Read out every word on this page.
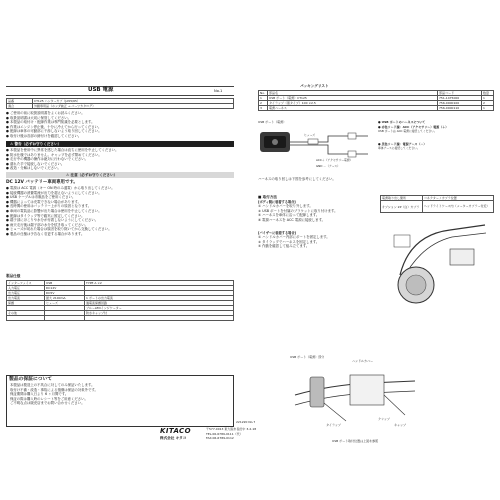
USB 電源	No.1
品番	CT125 ハンターカブ（JA55/65）
適合	外観専用品（ホンダ純正 → パーツカタログ）
● ご使用の前に取扱説明書をよくお読みください。
● 取扱説明書は大切に保管してください。
● 本製品の取付け・配線作業は専門知識を必要とします。
● 作業はエンジン停止後、十分に冷えてから行ってください。
● 配線は車体の可動部に干渉しないよう取り回してください。
● 取付け後は各部の締付けを確認してください。
⚠ 警告（必ずお守りください）
● 本製品を使用中に異常を感じた場合は直ちに使用を中止してください。
● 防水仕様ではありません。キャップを必ず閉めてください。
● 走行中の機器の操作は絶対に行わないでください。
● 濡れた手で接続しないでください。
● 改造・分解はしないでください。
⚠ 注意（必ずお守りください）
DC 12V バッテリー車両専用です。
● 電源は ACC 電源（キー ON 時のみ通電）から取り出してください。
● 接続機器の消費電流が出力を超えないようにしてください。
● USB ケーブルは市販品をご使用ください。
● 機器によっては充電できない場合があります。
● 長時間の使用はバッテリー上がりの原因となります。
● 車両の電装品に影響が出た場合は使用を中止してください。
● 配線はタイラップ等で確実に固定してください。
● 端子部にほこりや水分が付着しないようにしてください。
● 雨天走行後は端子部の水分を拭き取ってください。
● ヒューズが切れた場合は原因を取り除いてから交換してください。
● 製品の仕様は予告なく変更する場合があります。
製品仕様
インターフェイス	USB	TYPE A ×2
入力電圧	DC12V	
出力電圧	DC5V	
出力電流	最大 2100mA	1 ポートの出力電流
保護	ヒューズ	過電流保護回路
		ブルーLEDインジケーター
その他		防水キャップ付

製品の保証について
本製品は製造上の不具合に対してのみ保証いたします。
取付け不備・改造・事故による損傷は保証の対象外です。
保証期間は購入日より 6 ヶ月間です。
保証の際は購入時のレシート等をご用意ください。
ご不明な点は販売店までお問い合わせください。
パッキングリスト
No.	部品名	部品コード	数量
1	USB ポート（電源）CT125	751-1475000	1
2	タイラップ（黒タイプ）100 ×2.5	756-0000100	2
3	電源ハーネス	756-0000110	1
USB ポート（電源）
ヒューズ
ACC＋（アクセサリー電源）
GND －（アース）
● USB ポートのハーネスについて
● 赤色リード線：ACC（アクセサリー）電源（＋）
USB ポートは ACC 電源に接続してください。
● 黒色リード線：電源アース（－）
車体アースに接続してください。
ハーネスの取り回しは下図を参考にしてください。
■ 取付方法
[ボディ側に装着する場合]
① ハンドルカバーを取り外します。
② USB ポートを付属のブラケットに取り付けます。
③ ハーネスを車体に沿って配線します。
④ 電源ハーネスを ACC 電源に接続します。
[バイザーに装着する場合]
① ハンドルカバー内部にポートを固定します。
② タイラップでハーネスを固定します。
③ 作動を確認して組み立てます。
電源取り出し箇所	コネクター / カプラ位置
オプション 2P（白）カプラ	ヘッドライトケース内（メーターカプラー付近）
USB ポート（電源）部分
ハンドルカバー
クリップ
キャップ
タイラップ
USB ポート取付位置は上図を参照
221220 No.7
KITACO
株式会社 キタコ
〒577-0013 東大阪市長田中 3-2-18
TEL.06-6789-0111（代）
FAX.06-6789-0112
